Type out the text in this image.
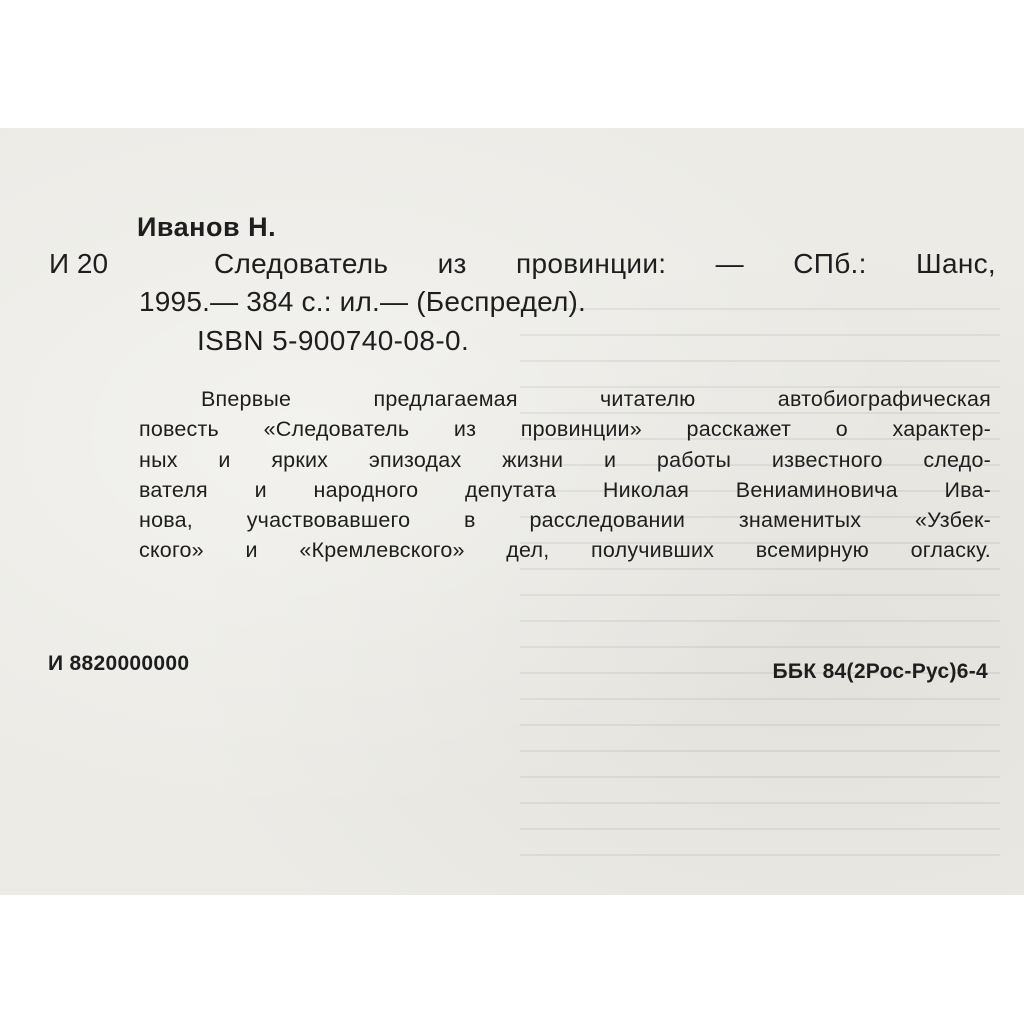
Иванов Н.
И 20	Следователь из провинции: — СПб.: Шанс,
1995.— 384 с.: ил.— (Беспредел).
ISBN 5-900740-08-0.
Впервые предлагаемая читателю автобиографическая
повесть «Следователь из провинции» расскажет о характер-
ных и ярких эпизодах жизни и работы известного следо-
вателя и народного депутата Николая Вениаминовича Ива-
нова, участвовавшего в расследовании знаменитых «Узбек-
ского» и «Кремлевского» дел, получивших всемирную огласку.
И 8820000000	ББК 84(2Рос-Рус)6-4
